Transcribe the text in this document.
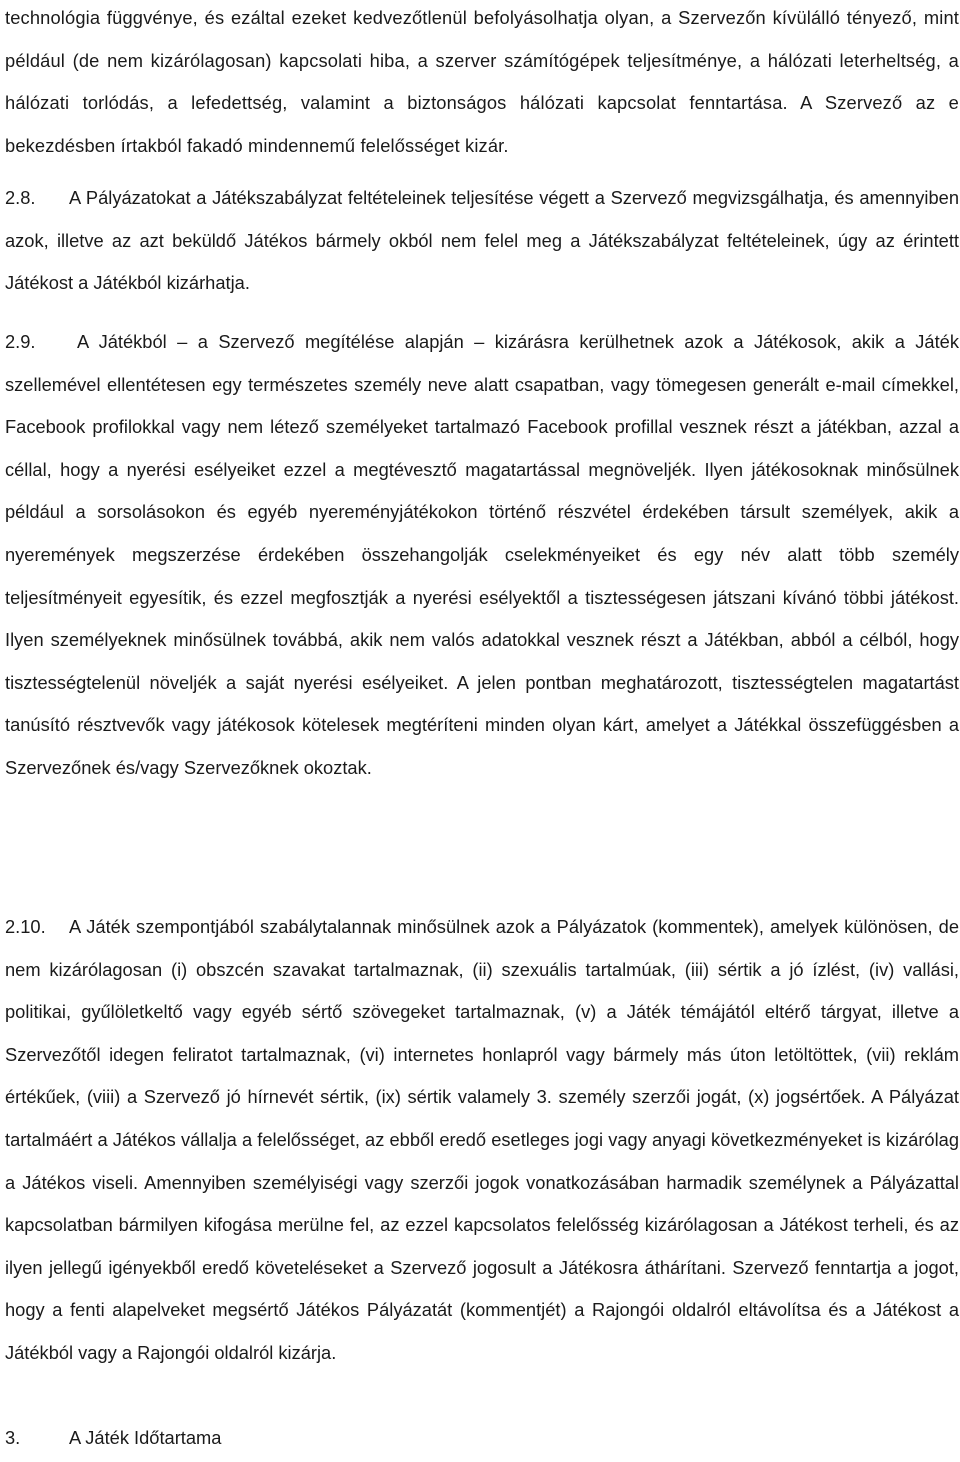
technológia függvénye, és ezáltal ezeket kedvezőtlenül befolyásolhatja olyan, a Szervezőn kívülálló tényező, mint például (de nem kizárólagosan) kapcsolati hiba, a szerver számítógépek teljesítménye, a hálózati leterheltség, a hálózati torlódás, a lefedettség, valamint a biztonságos hálózati kapcsolat fenntartása. A Szervező az e bekezdésben írtakból fakadó mindennemű felelősséget kizár.

2.8. A Pályázatokat a Játékszabályzat feltételeinek teljesítése végett a Szervező megvizsgálhatja, és amennyiben azok, illetve az azt beküldő Játékos bármely okból nem felel meg a Játékszabályzat feltételeinek, úgy az érintett Játékost a Játékból kizárhatja.

2.9. A Játékból – a Szervező megítélése alapján – kizárásra kerülhetnek azok a Játékosok, akik a Játék szellemével ellentétesen egy természetes személy neve alatt csapatban, vagy tömegesen generált e-mail címekkel, Facebook profilokkal vagy nem létező személyeket tartalmazó Facebook profillal vesznek részt a játékban, azzal a céllal, hogy a nyerési esélyeiket ezzel a megtévesztő magatartással megnöveljék. Ilyen játékosoknak minősülnek például a sorsolásokon és egyéb nyereményjátékokon történő részvétel érdekében társult személyek, akik a nyeremények megszerzése érdekében összehangolják cselekményeiket és egy név alatt több személy teljesítményeit egyesítik, és ezzel megfosztják a nyerési esélyektől a tisztességesen játszani kívánó többi játékost. Ilyen személyeknek minősülnek továbbá, akik nem valós adatokkal vesznek részt a Játékban, abból a célból, hogy tisztességtelenül növeljék a saját nyerési esélyeiket. A jelen pontban meghatározott, tisztességtelen magatartást tanúsító résztvevők vagy játékosok kötelesek megtéríteni minden olyan kárt, amelyet a Játékkal összefüggésben a Szervezőnek és/vagy Szervezőknek okoztak.

2.10. A Játék szempontjából szabálytalannak minősülnek azok a Pályázatok (kommentek), amelyek különösen, de nem kizárólagosan (i) obszcén szavakat tartalmaznak, (ii) szexuális tartalmúak, (iii) sértik a jó ízlést, (iv) vallási, politikai, gyűlöletkeltő vagy egyéb sértő szövegeket tartalmaznak, (v) a Játék témájától eltérő tárgyat, illetve a Szervezőtől idegen feliratot tartalmaznak, (vi) internetes honlapról vagy bármely más úton letöltöttek, (vii) reklám értékűek, (viii) a Szervező jó hírnevét sértik, (ix) sértik valamely 3. személy szerzői jogát, (x) jogsértőek. A Pályázat tartalmáért a Játékos vállalja a felelősséget, az ebből eredő esetleges jogi vagy anyagi következményeket is kizárólag a Játékos viseli. Amennyiben személyiségi vagy szerzői jogok vonatkozásában harmadik személynek a Pályázattal kapcsolatban bármilyen kifogása merülne fel, az ezzel kapcsolatos felelősség kizárólagosan a Játékost terheli, és az ilyen jellegű igényekből eredő követeléseket a Szervező jogosult a Játékosra áthárítani. Szervező fenntartja a jogot, hogy a fenti alapelveket megsértő Játékos Pályázatát (kommentjét) a Rajongói oldalról eltávolítsa és a Játékost a Játékból vagy a Rajongói oldalról kizárja.

3.	A Játék Időtartama
